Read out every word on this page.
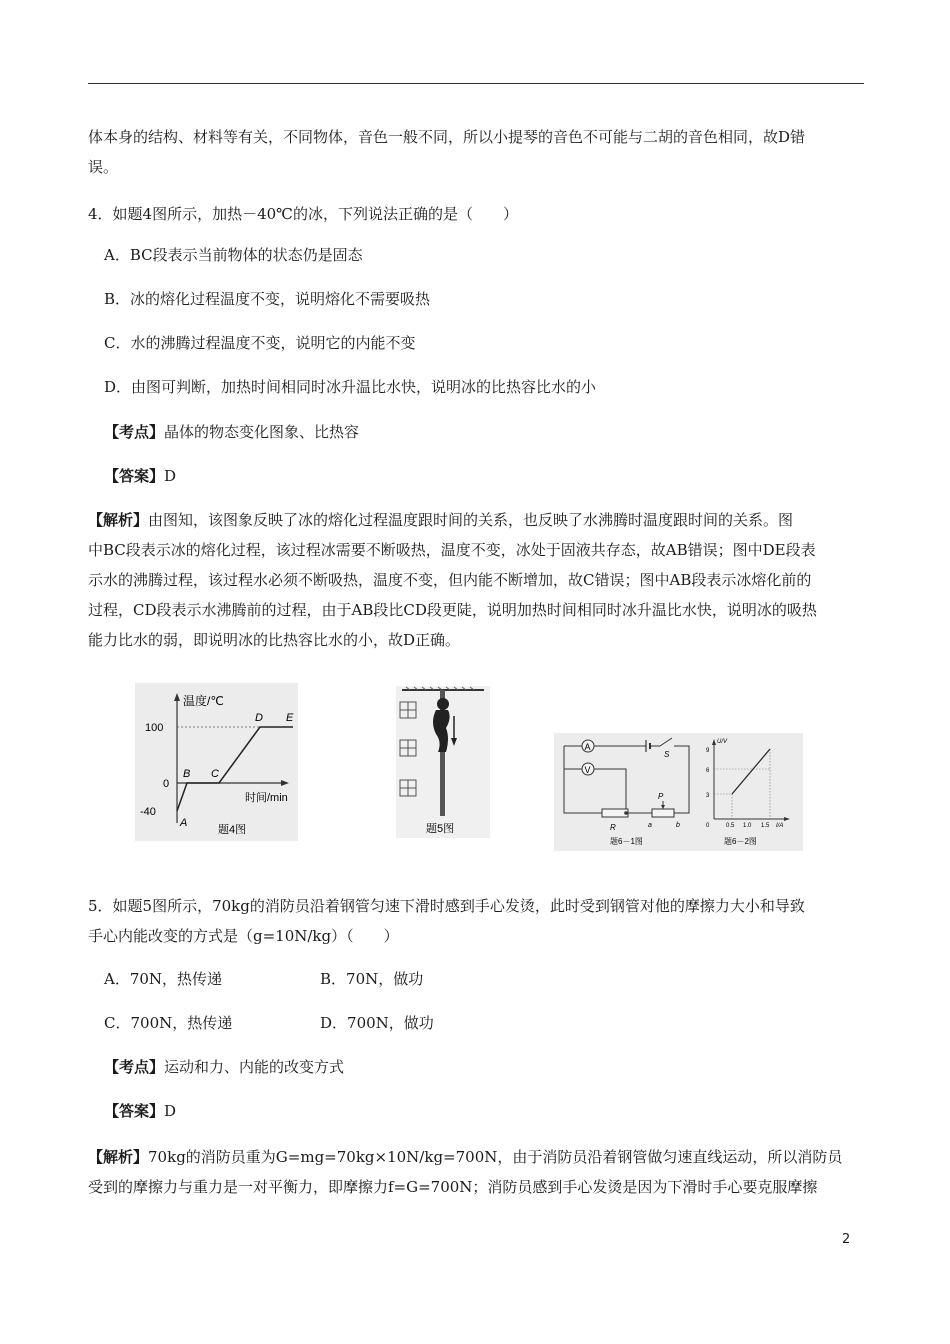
体本身的结构、材料等有关，不同物体，音色一般不同，所以小提琴的音色不可能与二胡的音色相同，故D错

误。

4．如题4图所示，加热－40℃的冰，下列说法正确的是（　　）

A．BC段表示当前物体的状态仍是固态

B．冰的熔化过程温度不变，说明熔化不需要吸热

C．水的沸腾过程温度不变，说明它的内能不变

D．由图可判断，加热时间相同时冰升温比水快，说明冰的比热容比水的小

【考点】晶体的物态变化图象、比热容

【答案】D

【解析】由图知，该图象反映了冰的熔化过程温度跟时间的关系，也反映了水沸腾时温度跟时间的关系。图

中BC段表示冰的熔化过程，该过程冰需要不断吸热，温度不变，冰处于固液共存态，故AB错误；图中DE段表

示水的沸腾过程，该过程水必须不断吸热，温度不变，但内能不断增加，故C错误；图中AB段表示冰熔化前的

过程，CD段表示水沸腾前的过程，由于AB段比CD段更陡，说明加热时间相同时冰升温比水快，说明冰的吸热

能力比水的弱，即说明冰的比热容比水的小，故D正确。

温度/℃
100
0
-40
A
B C
D E
时间/min
题4图	题5图
A
S
V
R
P
a	b
题6－1图
U/V
9
6
3
0	0.5 1.0 1.5 I/A
题6－2图

5．如题5图所示，70kg的消防员沿着钢管匀速下滑时感到手心发烫，此时受到钢管对他的摩擦力大小和导致

手心内能改变的方式是（g=10N/kg）（　　）

A．70N，热传递	B．70N，做功

C．700N，热传递	D．700N，做功

【考点】运动和力、内能的改变方式

【答案】D

【解析】70kg的消防员重为G=mg=70kg×10N/kg=700N，由于消防员沿着钢管做匀速直线运动，所以消防员

受到的摩擦力与重力是一对平衡力，即摩擦力f=G=700N；消防员感到手心发烫是因为下滑时手心要克服摩擦

2
